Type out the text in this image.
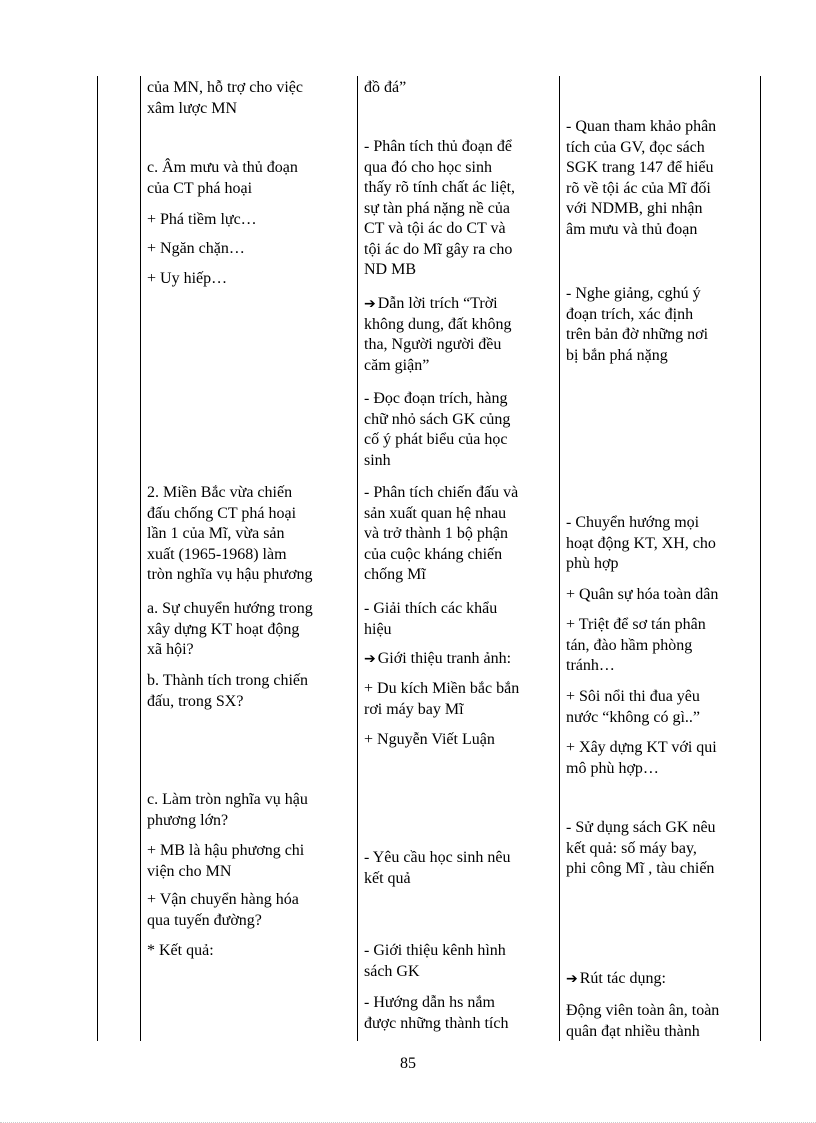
của MN, hỗ trợ cho việc

xâm lược MN

c. Âm mưu và thủ đoạn

của CT phá hoại

+ Phá tiềm lực…

+ Ngăn chặn…

+ Uy hiếp…

2. Miền Bắc vừa chiến

đấu chống CT phá hoại

lần 1 của Mĩ, vừa sản

xuất (1965-1968) làm

tròn nghĩa vụ hậu phương

a. Sự chuyển hướng trong

xây dựng KT hoạt động

xã hội?

b. Thành tích trong chiến

đấu, trong SX?

c. Làm tròn nghĩa vụ hậu

phương lớn?

+ MB là hậu phương chi

viện cho MN

+ Vận chuyển hàng hóa

qua tuyến đường?

* Kết quả:

đồ đá”

- Phân tích thủ đoạn để

qua đó cho học sinh

thấy rõ tính chất ác liệt,

sự tàn phá nặng nề của

CT và tội ác do CT và

tội ác do Mĩ gây ra cho

ND MB

➔ Dẫn lời trích “Trời

không dung, đất không

tha, Người người đều

căm giận”

- Đọc đoạn trích, hàng

chữ nhỏ sách GK củng

cố ý phát biểu của học

sinh

- Phân tích chiến đấu và

sản xuất quan hệ nhau

và trở thành 1 bộ phận

của cuộc kháng chiến

chống Mĩ

- Giải thích các khẩu

hiệu

➔ Giới thiệu tranh ảnh:

+ Du kích Miền bắc bắn

rơi máy bay Mĩ

+ Nguyễn Viết Luận

- Yêu cầu học sinh nêu

kết quả

- Giới thiệu kênh hình

sách GK

- Hướng dẫn hs nắm

được những thành tích

- Quan tham khảo phân

tích của GV, đọc sách

SGK trang 147 để hiểu

rõ về tội ác của Mĩ đối

với NDMB, ghi nhận

âm mưu và thủ đoạn

- Nghe giảng, cghú ý

đoạn trích, xác định

trên bản đờ những nơi

bị bắn phá nặng

- Chuyển hướng mọi

hoạt động KT, XH, cho

phù hợp

+ Quân sự hóa toàn dân

+ Triệt để sơ tán phân

tán, đào hầm phòng

tránh…

+ Sôi nổi thi đua yêu

nước “không có gì..”

+ Xây dựng KT với qui

mô phù hợp…

- Sử dụng sách GK nêu

kết quả: số máy bay,

phi công Mĩ , tàu chiến

➔ Rút tác dụng:

Động viên toàn ân, toàn

quân đạt nhiều thành

85
